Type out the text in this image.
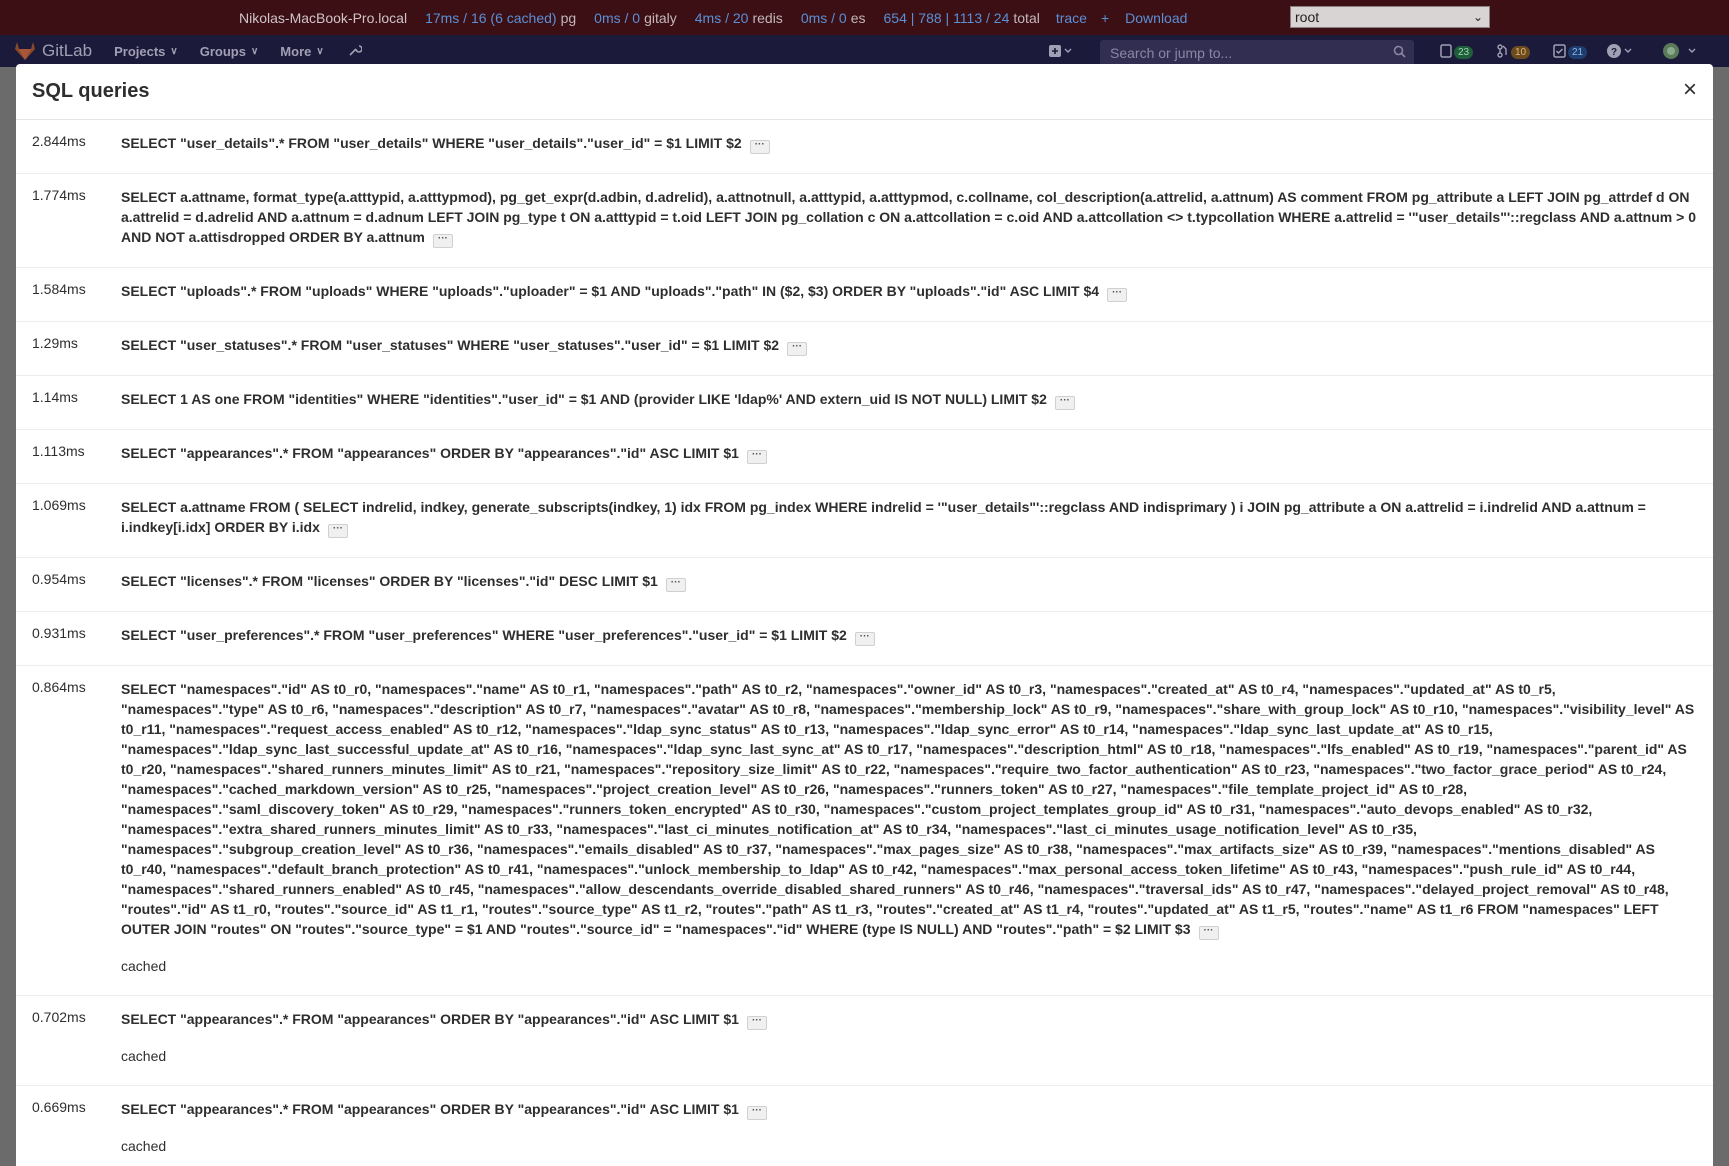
Nikolas-MacBook-Pro.local 17ms / 16 (6 cached) pg 0ms / 0 gitaly 4ms / 20 redis 0ms / 0 es 654 | 788 | 1113 / 24 total trace + Download	root	⌄
GitLab Projects ∨ Groups ∨ More ∨	Search or jump to...	23	10	21	?
SQL queries	×
2.844ms	SELECT "user_details".* FROM "user_details" WHERE "user_details"."user_id" = $1 LIMIT $2 ···
1.774ms	SELECT a.attname, format_type(a.atttypid, a.atttypmod), pg_get_expr(d.adbin, d.adrelid), a.attnotnull, a.atttypid, a.atttypmod, c.collname, col_description(a.attrelid, a.attnum) AS comment FROM pg_attribute a LEFT JOIN pg_attrdef d ON a.attrelid = d.adrelid AND a.attnum = d.adnum LEFT JOIN pg_type t ON a.atttypid = t.oid LEFT JOIN pg_collation c ON a.attcollation = c.oid AND a.attcollation <> t.typcollation WHERE a.attrelid = '"user_details"'::regclass AND a.attnum > 0 AND NOT a.attisdropped ORDER BY a.attnum ···
1.584ms	SELECT "uploads".* FROM "uploads" WHERE "uploads"."uploader" = $1 AND "uploads"."path" IN ($2, $3) ORDER BY "uploads"."id" ASC LIMIT $4 ···
1.29ms	SELECT "user_statuses".* FROM "user_statuses" WHERE "user_statuses"."user_id" = $1 LIMIT $2 ···
1.14ms	SELECT 1 AS one FROM "identities" WHERE "identities"."user_id" = $1 AND (provider LIKE 'ldap%' AND extern_uid IS NOT NULL) LIMIT $2 ···
1.113ms	SELECT "appearances".* FROM "appearances" ORDER BY "appearances"."id" ASC LIMIT $1 ···
1.069ms	SELECT a.attname FROM ( SELECT indrelid, indkey, generate_subscripts(indkey, 1) idx FROM pg_index WHERE indrelid = '"user_details"'::regclass AND indisprimary ) i JOIN pg_attribute a ON a.attrelid = i.indrelid AND a.attnum = i.indkey[i.idx] ORDER BY i.idx ···
0.954ms	SELECT "licenses".* FROM "licenses" ORDER BY "licenses"."id" DESC LIMIT $1 ···
0.931ms	SELECT "user_preferences".* FROM "user_preferences" WHERE "user_preferences"."user_id" = $1 LIMIT $2 ···
0.864ms	SELECT "namespaces"."id" AS t0_r0, "namespaces"."name" AS t0_r1, "namespaces"."path" AS t0_r2, "namespaces"."owner_id" AS t0_r3, "namespaces"."created_at" AS t0_r4, "namespaces"."updated_at" AS t0_r5, "namespaces"."type" AS t0_r6, "namespaces"."description" AS t0_r7, "namespaces"."avatar" AS t0_r8, "namespaces"."membership_lock" AS t0_r9, "namespaces"."share_with_group_lock" AS t0_r10, "namespaces"."visibility_level" AS t0_r11, "namespaces"."request_access_enabled" AS t0_r12, "namespaces"."ldap_sync_status" AS t0_r13, "namespaces"."ldap_sync_error" AS t0_r14, "namespaces"."ldap_sync_last_update_at" AS t0_r15, "namespaces"."ldap_sync_last_successful_update_at" AS t0_r16, "namespaces"."ldap_sync_last_sync_at" AS t0_r17, "namespaces"."description_html" AS t0_r18, "namespaces"."lfs_enabled" AS t0_r19, "namespaces"."parent_id" AS t0_r20, "namespaces"."shared_runners_minutes_limit" AS t0_r21, "namespaces"."repository_size_limit" AS t0_r22, "namespaces"."require_two_factor_authentication" AS t0_r23, "namespaces"."two_factor_grace_period" AS t0_r24, "namespaces"."cached_markdown_version" AS t0_r25, "namespaces"."project_creation_level" AS t0_r26, "namespaces"."runners_token" AS t0_r27, "namespaces"."file_template_project_id" AS t0_r28, "namespaces"."saml_discovery_token" AS t0_r29, "namespaces"."runners_token_encrypted" AS t0_r30, "namespaces"."custom_project_templates_group_id" AS t0_r31, "namespaces"."auto_devops_enabled" AS t0_r32, "namespaces"."extra_shared_runners_minutes_limit" AS t0_r33, "namespaces"."last_ci_minutes_notification_at" AS t0_r34, "namespaces"."last_ci_minutes_usage_notification_level" AS t0_r35, "namespaces"."subgroup_creation_level" AS t0_r36, "namespaces"."emails_disabled" AS t0_r37, "namespaces"."max_pages_size" AS t0_r38, "namespaces"."max_artifacts_size" AS t0_r39, "namespaces"."mentions_disabled" AS t0_r40, "namespaces"."default_branch_protection" AS t0_r41, "namespaces"."unlock_membership_to_ldap" AS t0_r42, "namespaces"."max_personal_access_token_lifetime" AS t0_r43, "namespaces"."push_rule_id" AS t0_r44, "namespaces"."shared_runners_enabled" AS t0_r45, "namespaces"."allow_descendants_override_disabled_shared_runners" AS t0_r46, "namespaces"."traversal_ids" AS t0_r47, "namespaces"."delayed_project_removal" AS t0_r48, "routes"."id" AS t1_r0, "routes"."source_id" AS t1_r1, "routes"."source_type" AS t1_r2, "routes"."path" AS t1_r3, "routes"."created_at" AS t1_r4, "routes"."updated_at" AS t1_r5, "routes"."name" AS t1_r6 FROM "namespaces" LEFT OUTER JOIN "routes" ON "routes"."source_type" = $1 AND "routes"."source_id" = "namespaces"."id" WHERE (type IS NULL) AND "routes"."path" = $2 LIMIT $3 ···
cached
0.702ms	SELECT "appearances".* FROM "appearances" ORDER BY "appearances"."id" ASC LIMIT $1 ···
cached
0.669ms	SELECT "appearances".* FROM "appearances" ORDER BY "appearances"."id" ASC LIMIT $1 ···
cached
